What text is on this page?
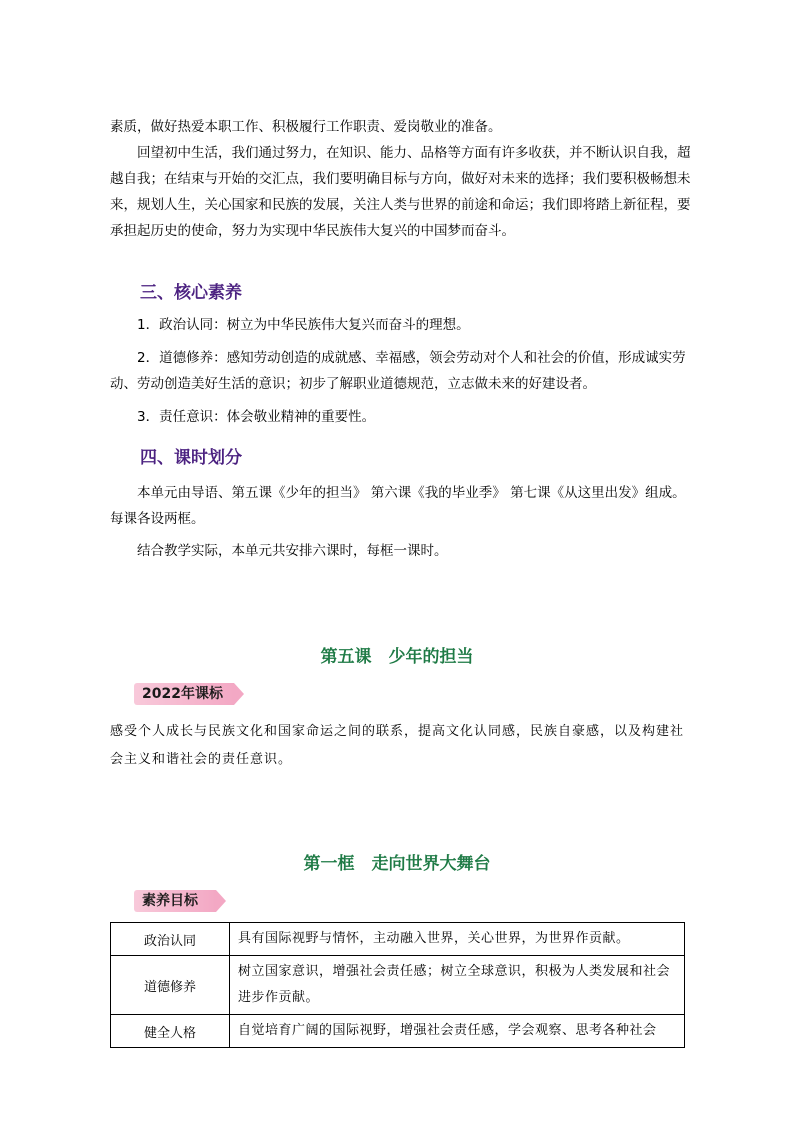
素质，做好热爱本职工作、积极履行工作职责、爱岗敬业的准备。

回望初中生活，我们通过努力，在知识、能力、品格等方面有许多收获，并不断认识自我，超越自我；在结束与开始的交汇点，我们要明确目标与方向，做好对未来的选择；我们要积极畅想未来，规划人生，关心国家和民族的发展，关注人类与世界的前途和命运；我们即将踏上新征程，要承担起历史的使命，努力为实现中华民族伟大复兴的中国梦而奋斗。

三、核心素养

1．政治认同：树立为中华民族伟大复兴而奋斗的理想。

2．道德修养：感知劳动创造的成就感、幸福感，领会劳动对个人和社会的价值，形成诚实劳动、劳动创造美好生活的意识；初步了解职业道德规范，立志做未来的好建设者。

3．责任意识：体会敬业精神的重要性。

四、课时划分

本单元由导语、第五课《少年的担当》 第六课《我的毕业季》 第七课《从这里出发》组成。每课各设两框。

结合教学实际，本单元共安排六课时，每框一课时。

第五课　少年的担当
2022年课标
感受个人成长与民族文化和国家命运之间的联系，提高文化认同感，民族自豪感，以及构建社会主义和谐社会的责任意识。
第一框　走向世界大舞台
素养目标
政治认同	具有国际视野与情怀，主动融入世界，关心世界，为世界作贡献。
道德修养	树立国家意识，增强社会责任感；树立全球意识，积极为人类发展和社会进步作贡献。
健全人格	自觉培育广阔的国际视野，增强社会责任感，学会观察、思考各种社会
